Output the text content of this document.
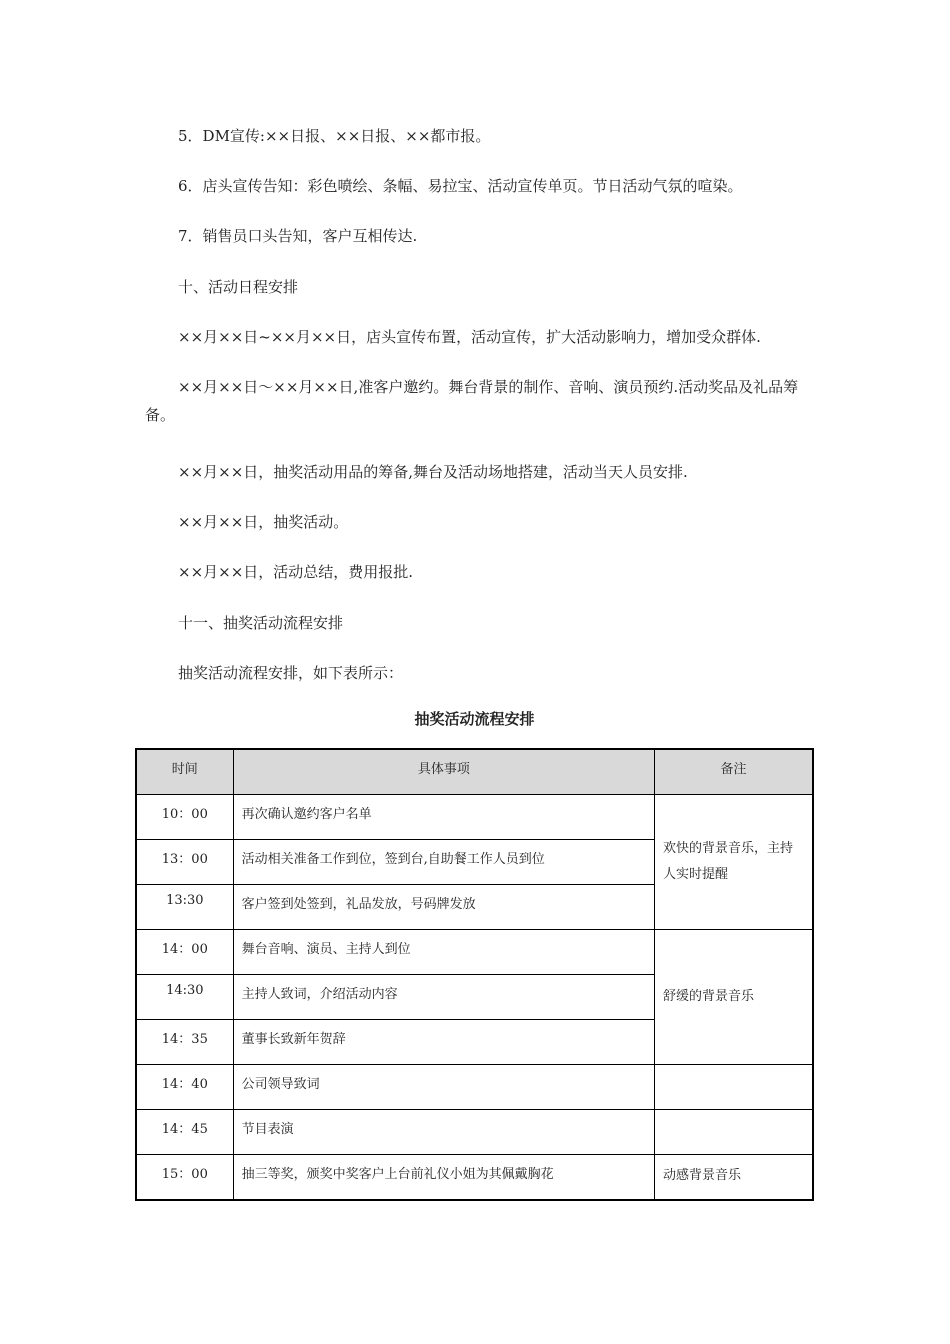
5．DM宣传:××日报、××日报、××都市报。

6．店头宣传告知：彩色喷绘、条幅、易拉宝、活动宣传单页。节日活动气氛的喧染。

7．销售员口头告知，客户互相传达.

十、活动日程安排

××月××日~××月××日，店头宣传布置，活动宣传，扩大活动影响力，增加受众群体.

××月××日～××月××日,准客户邀约。舞台背景的制作、音响、演员预约.活动奖品及礼品筹备。

××月××日，抽奖活动用品的筹备,舞台及活动场地搭建，活动当天人员安排.

××月××日，抽奖活动。

××月××日，活动总结，费用报批.

十一、抽奖活动流程安排

抽奖活动流程安排，如下表所示：

抽奖活动流程安排
时间	具体事项	备注
10：00	再次确认邀约客户名单	欢快的背景音乐，主持人实时提醒
13：00	活动相关准备工作到位，签到台,自助餐工作人员到位	
13:30	客户签到处签到，礼品发放，号码牌发放	
14：00	舞台音响、演员、主持人到位	舒缓的背景音乐
14:30	主持人致词，介绍活动内容	
14：35	董事长致新年贺辞	
14：40	公司领导致词	
14：45	节目表演	
15：00	抽三等奖，颁奖中奖客户上台前礼仪小姐为其佩戴胸花	动感背景音乐
